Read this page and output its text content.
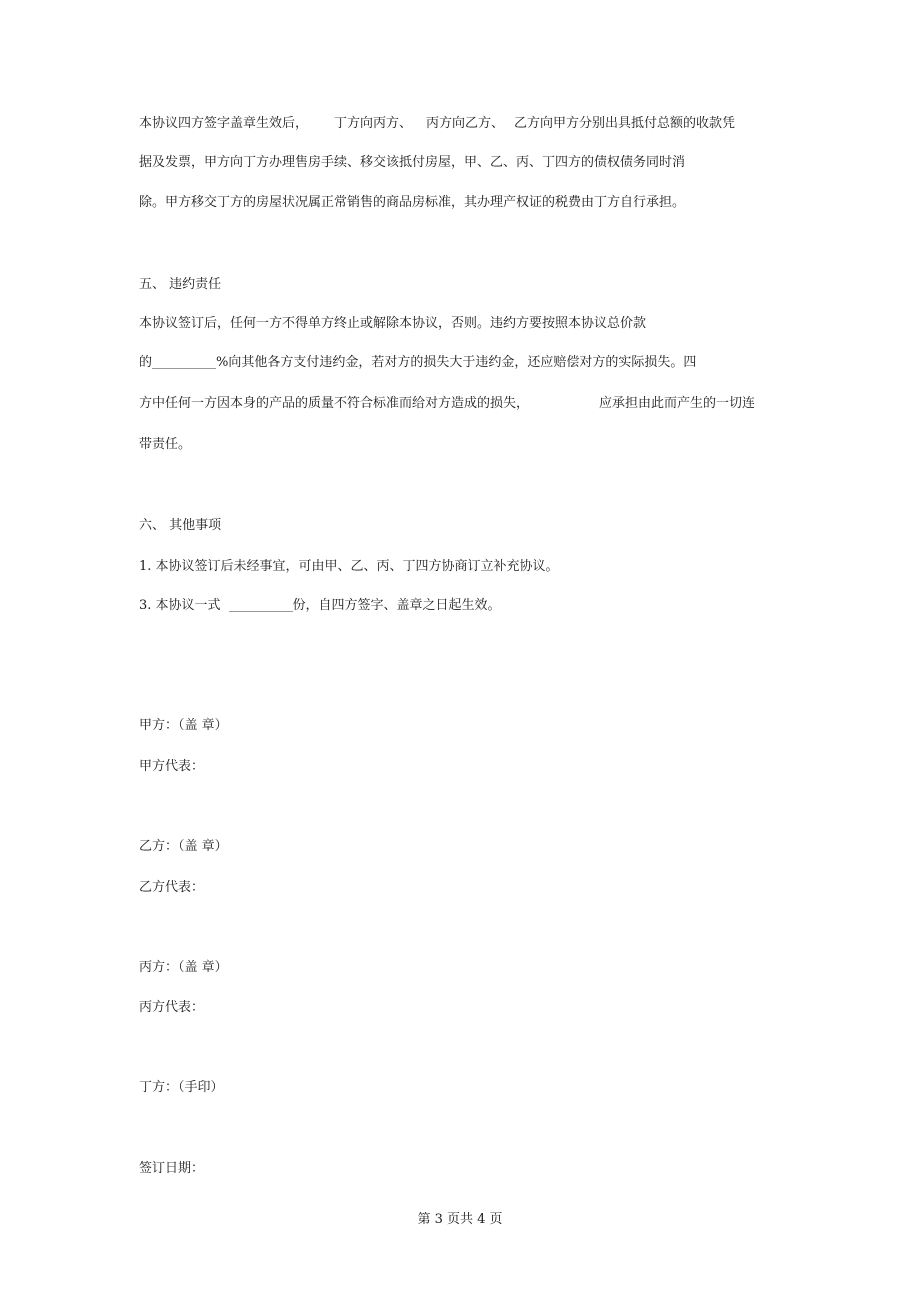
本协议四方签字盖章生效后， 丁方向丙方、 丙方向乙方、 乙方向甲方分别出具抵付总额的收款凭
据及发票，甲方向丁方办理售房手续、移交该抵付房屋，甲、乙、丙、丁四方的债权债务同时消
除。甲方移交丁方的房屋状况属正常销售的商品房标准，其办理产权证的税费由丁方自行承担。
五、 违约责任
本协议签订后，任何一方不得单方终止或解除本协议，否则。违约方要按照本协议总价款
的	%向其他各方支付违约金，若对方的损失大于违约金，还应赔偿对方的实际损失。四
方中任何一方因本身的产品的质量不符合标准而给对方造成的损失，	应承担由此而产生的一切连
带责任。
六、 其他事项
1. 本协议签订后未经事宜，可由甲、乙、丙、丁四方协商订立补充协议。
3. 本协议一式	份，自四方签字、盖章之日起生效。
甲方：（盖 章）
甲方代表：
乙方：（盖 章）
乙方代表：
丙方：（盖 章）
丙方代表：
丁方：（手印）
签订日期：
第 3 页共 4 页
